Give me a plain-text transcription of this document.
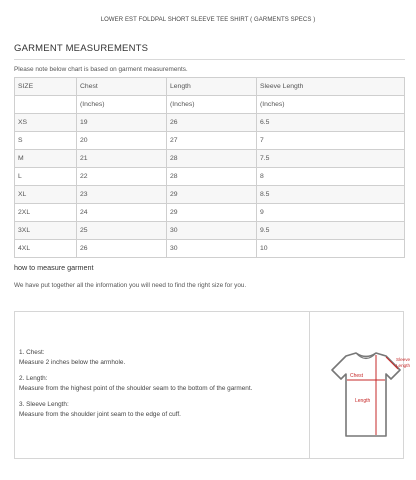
LOWER EST FOLDPAL SHORT SLEEVE TEE SHIRT ( GARMENTS SPECS )
GARMENT MEASUREMENTS
Please note below chart is based on garment measurements.
SIZE	Chest	Length	Sleeve Length
	(Inches)	(Inches)	(Inches)
XS	19	26	6.5
S	20	27	7
M	21	28	7.5
L	22	28	8
XL	23	29	8.5
2XL	24	29	9
3XL	25	30	9.5
4XL	26	30	10
how to measure garment
We have put together all the information you will need to find the right size for you.
1. Chest:
Measure 2 inches below the armhole.
2. Length:
Measure from the highest point of the shoulder seam to the bottom of the garment.
3. Sleeve Length:
Measure from the shoulder joint seam to the edge of cuff.
Chest
Length
Sleeve
Length
